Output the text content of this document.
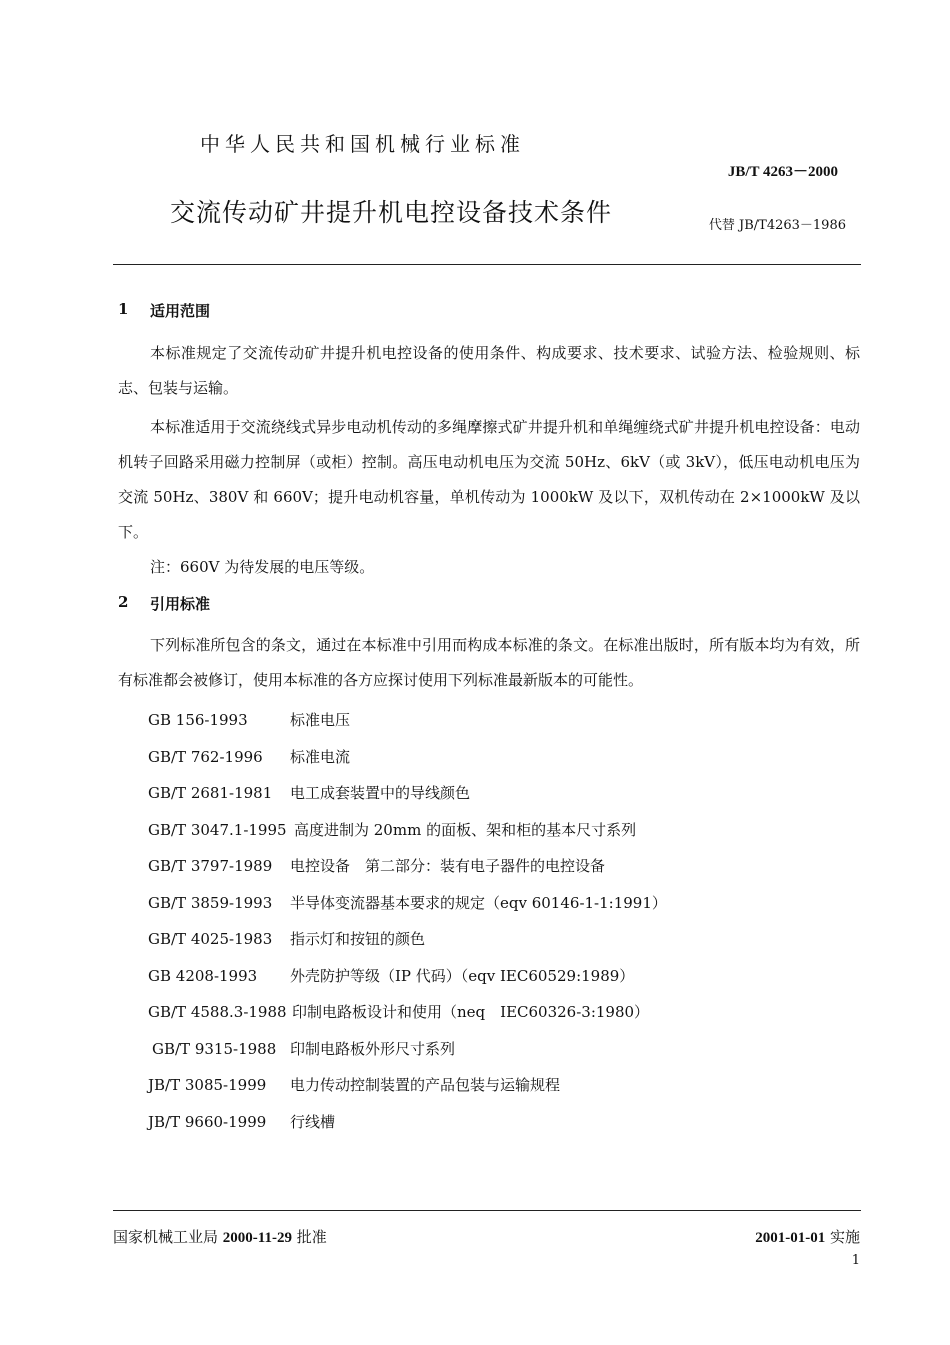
中华人民共和国机械行业标准
JB/T 4263－2000
交流传动矿井提升机电控设备技术条件	代替 JB/T4263－1986
1 适用范围
本标准规定了交流传动矿井提升机电控设备的使用条件、构成要求、技术要求、试验方法、检验规则、标志、包装与运输。
本标准适用于交流绕线式异步电动机传动的多绳摩擦式矿井提升机和单绳缠绕式矿井提升机电控设备：电动机转子回路采用磁力控制屏（或柜）控制。高压电动机电压为交流 50Hz、6kV（或 3kV），低压电动机电压为交流 50Hz、380V 和 660V；提升电动机容量，单机传动为 1000kW 及以下，双机传动在 2×1000kW 及以下。
注：660V 为待发展的电压等级。
2 引用标准
下列标准所包含的条文，通过在本标准中引用而构成本标准的条文。在标准出版时，所有版本均为有效，所有标准都会被修订，使用本标准的各方应探讨使用下列标准最新版本的可能性。
GB 156-1993	标准电压
GB/T 762-1996 标准电流
GB/T 2681-1981 电工成套装置中的导线颜色
GB/T 3047.1-1995 高度进制为 20mm 的面板、架和柜的基本尺寸系列
GB/T 3797-1989 电控设备　第二部分：装有电子器件的电控设备
GB/T 3859-1993 半导体变流器基本要求的规定（eqv 60146-1-1:1991）
GB/T 4025-1983 指示灯和按钮的颜色
GB 4208-1993 外壳防护等级（IP 代码）（eqv IEC60529:1989）
GB/T 4588.3-1988 印制电路板设计和使用（neq　IEC60326-3:1980）
GB/T 9315-1988 印制电路板外形尺寸系列
JB/T 3085-1999 电力传动控制装置的产品包装与运输规程
JB/T 9660-1999 行线槽
国家机械工业局 2000-11-29 批准	2001-01-01 实施
1
